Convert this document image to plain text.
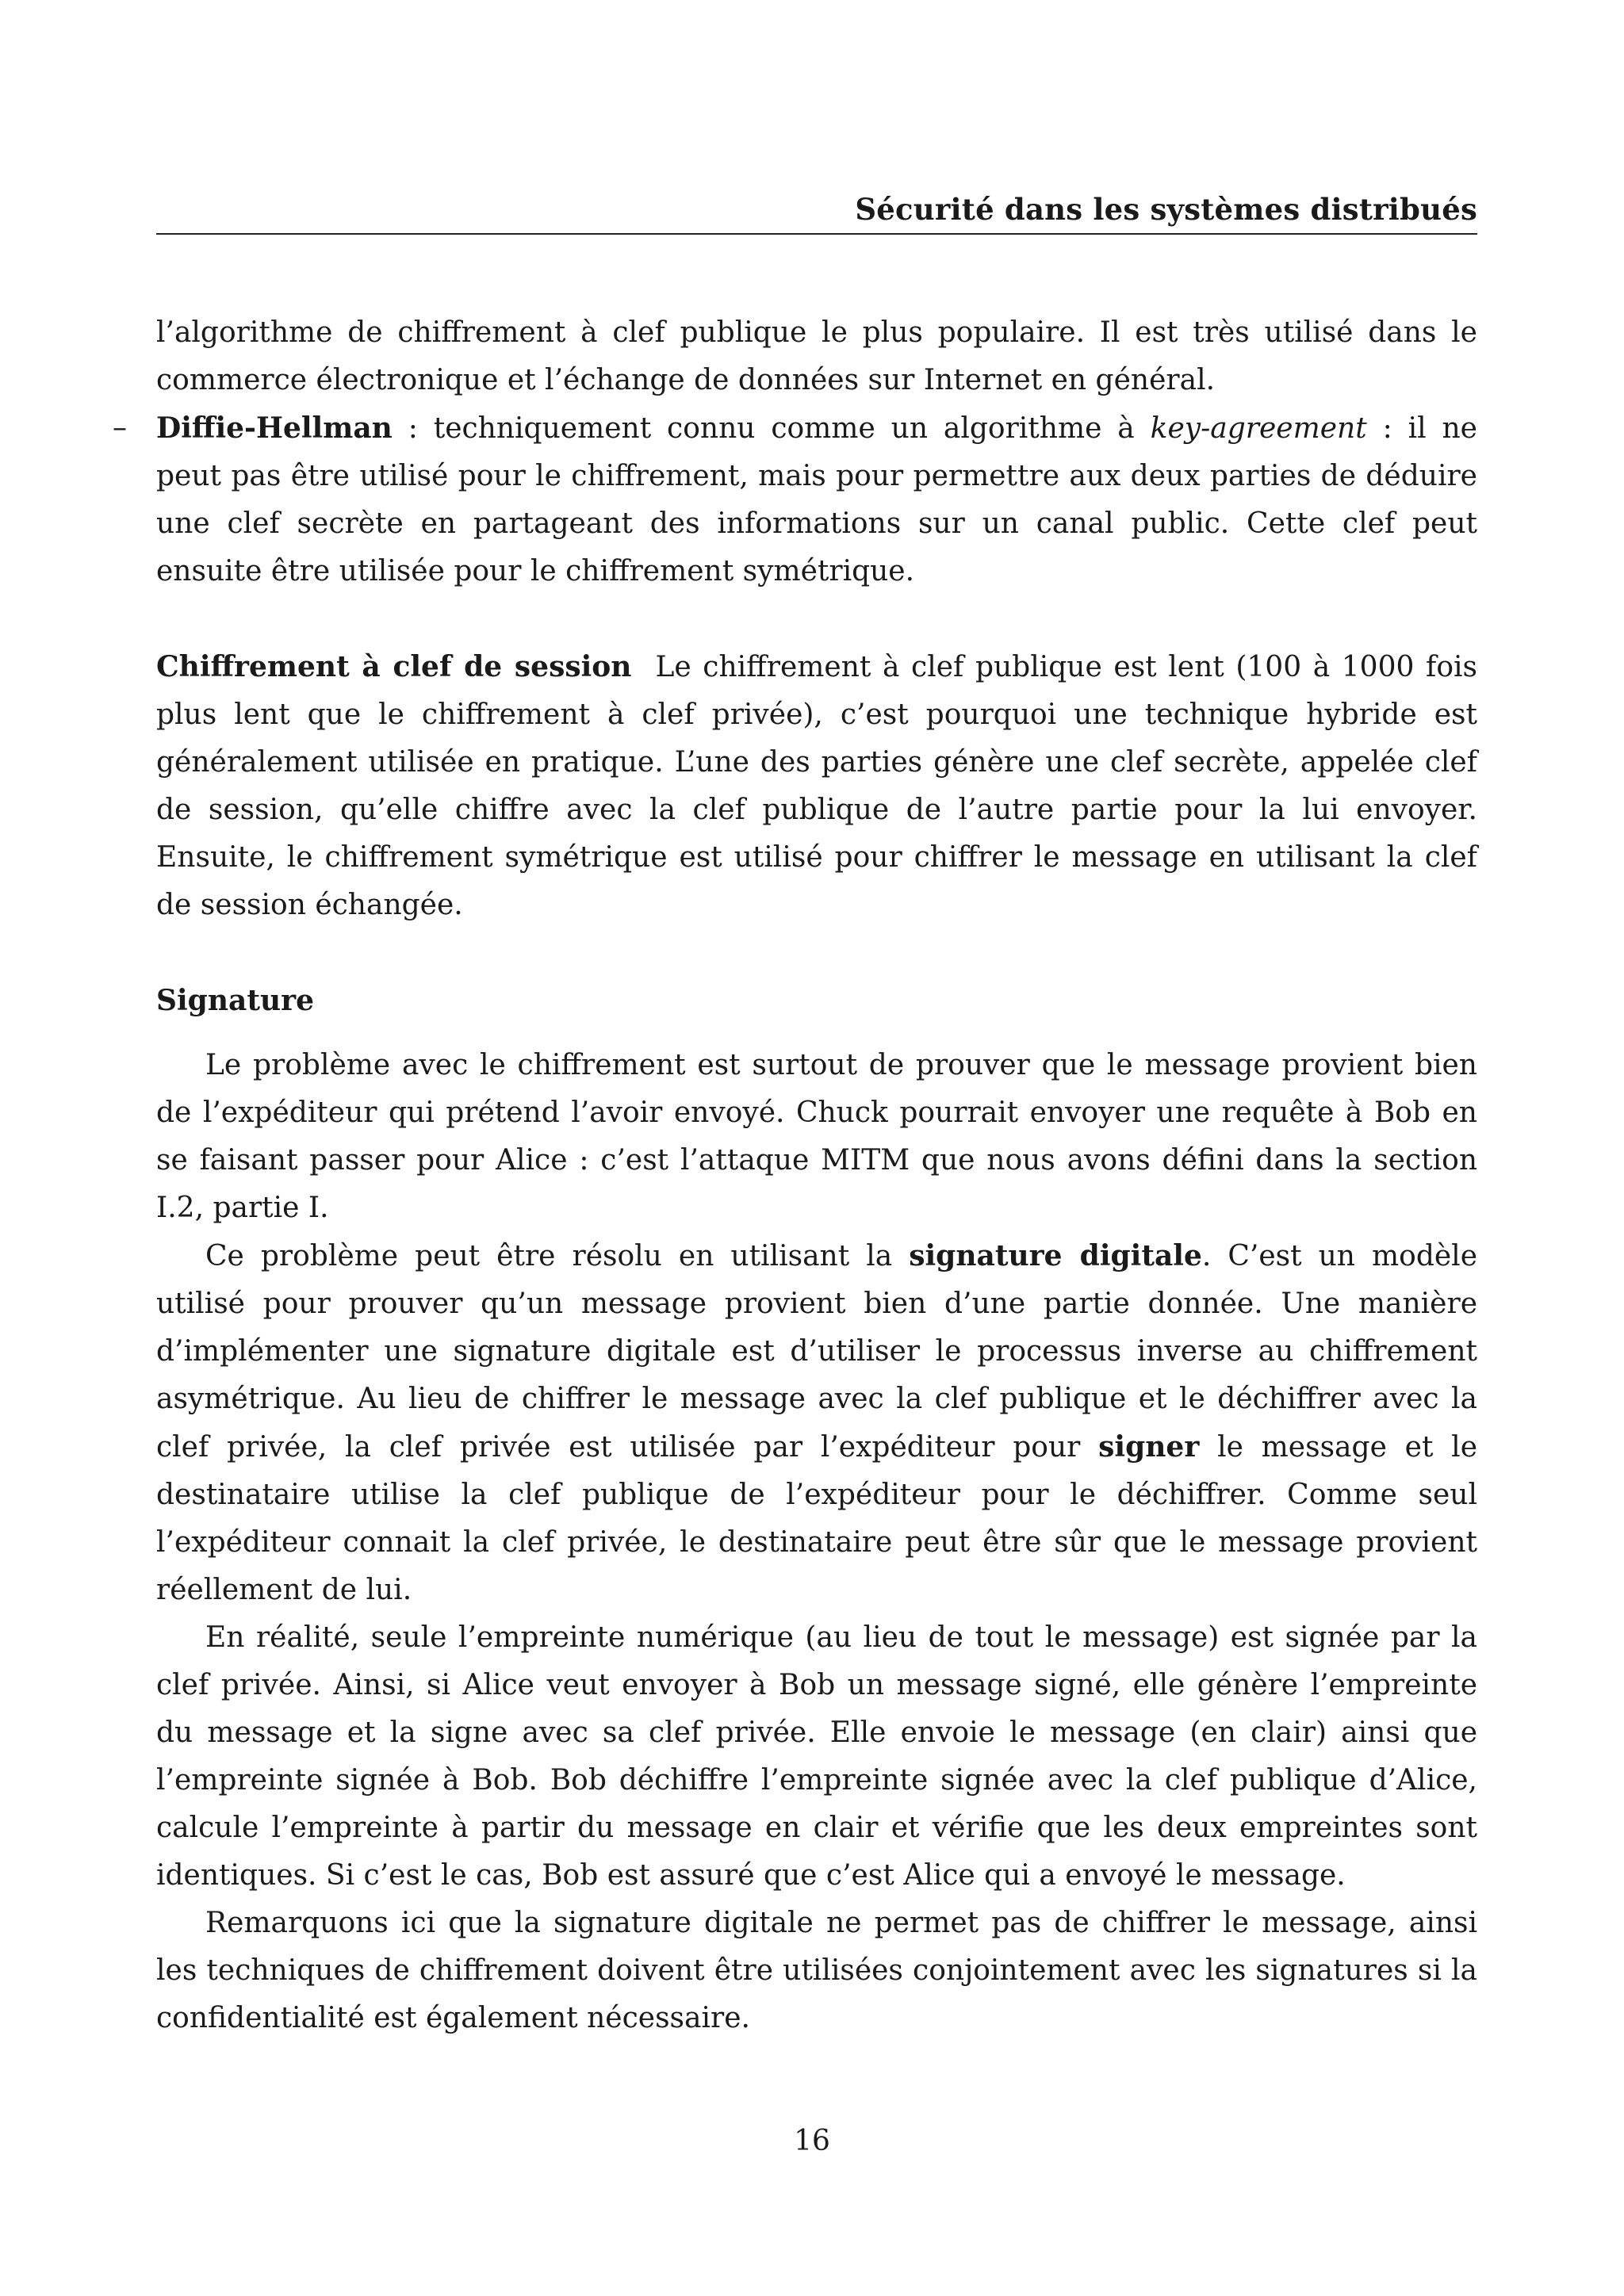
Sécurité dans les systèmes distribués

l’algorithme de chiffrement à clef publique le plus populaire. Il est très utilisé dans le commerce électronique et l’échange de données sur Internet en général.

– Diffie-Hellman : techniquement connu comme un algorithme à key-agreement : il ne peut pas être utilisé pour le chiffrement, mais pour permettre aux deux parties de déduire une clef secrète en partageant des informations sur un canal public. Cette clef peut ensuite être utilisée pour le chiffrement symétrique.

Chiffrement à clef de session Le chiffrement à clef publique est lent (100 à 1000 fois plus lent que le chiffrement à clef privée), c’est pourquoi une technique hybride est généralement utilisée en pratique. L’une des parties génère une clef secrète, appelée clef de session, qu’elle chiffre avec la clef publique de l’autre partie pour la lui envoyer. Ensuite, le chiffrement symétrique est utilisé pour chiffrer le message en utilisant la clef de session échangée.

Signature

Le problème avec le chiffrement est surtout de prouver que le message provient bien de l’expéditeur qui prétend l’avoir envoyé. Chuck pourrait envoyer une requête à Bob en se faisant passer pour Alice : c’est l’attaque MITM que nous avons défini dans la section I.2, partie I.

Ce problème peut être résolu en utilisant la signature digitale. C’est un modèle utilisé pour prouver qu’un message provient bien d’une partie donnée. Une manière d’implémenter une signature digitale est d’utiliser le processus inverse au chiffrement asymétrique. Au lieu de chiffrer le message avec la clef publique et le déchiffrer avec la clef privée, la clef privée est utilisée par l’expéditeur pour signer le message et le destinataire utilise la clef publique de l’expéditeur pour le déchiffrer. Comme seul l’expéditeur connait la clef privée, le destinataire peut être sûr que le message provient réellement de lui.

En réalité, seule l’empreinte numérique (au lieu de tout le message) est signée par la clef privée. Ainsi, si Alice veut envoyer à Bob un message signé, elle génère l’empreinte du message et la signe avec sa clef privée. Elle envoie le message (en clair) ainsi que l’empreinte signée à Bob. Bob déchiffre l’empreinte signée avec la clef publique d’Alice, calcule l’empreinte à partir du message en clair et vérifie que les deux empreintes sont identiques. Si c’est le cas, Bob est assuré que c’est Alice qui a envoyé le message.

Remarquons ici que la signature digitale ne permet pas de chiffrer le message, ainsi les techniques de chiffrement doivent être utilisées conjointement avec les signatures si la confidentialité est également nécessaire.

16
